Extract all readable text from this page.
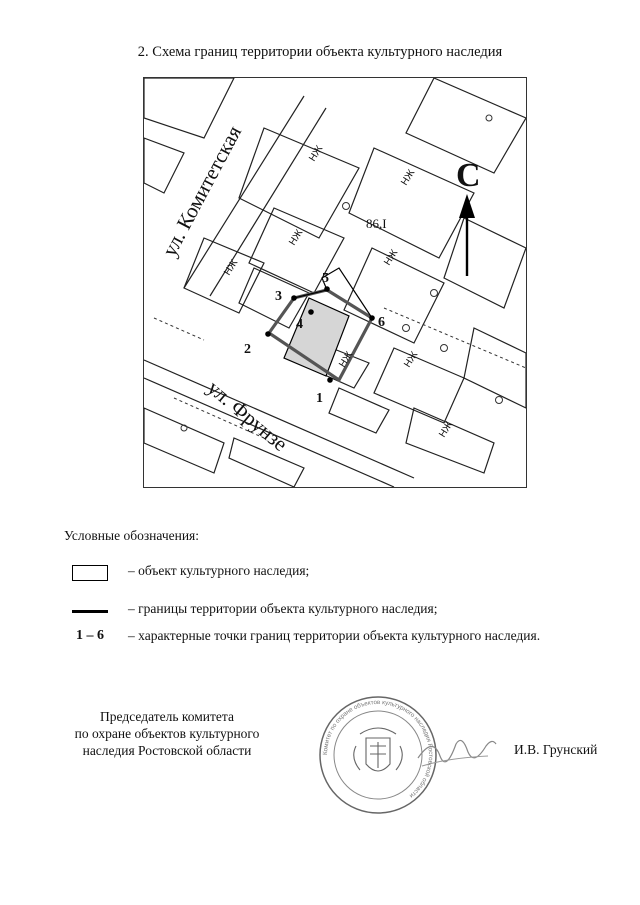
2. Схема границ территории объекта культурного наследия
1
2
3
4
5
6
НЖ
НЖ
НЖ
НЖ
НЖ
НЖ
НЖ
НЖ
86,I
ул. Комитетская
ул. Фрунзе
С
Условные обозначения:
– объект культурного наследия;
– границы территории объекта культурного наследия;
1 – 6	– характерные точки границ территории объекта культурного наследия.
Председатель комитета
по охране объектов культурного
наследия Ростовской области	Комитет по охране объектов культурного наследия Ростовской области
И.В. Грунский
